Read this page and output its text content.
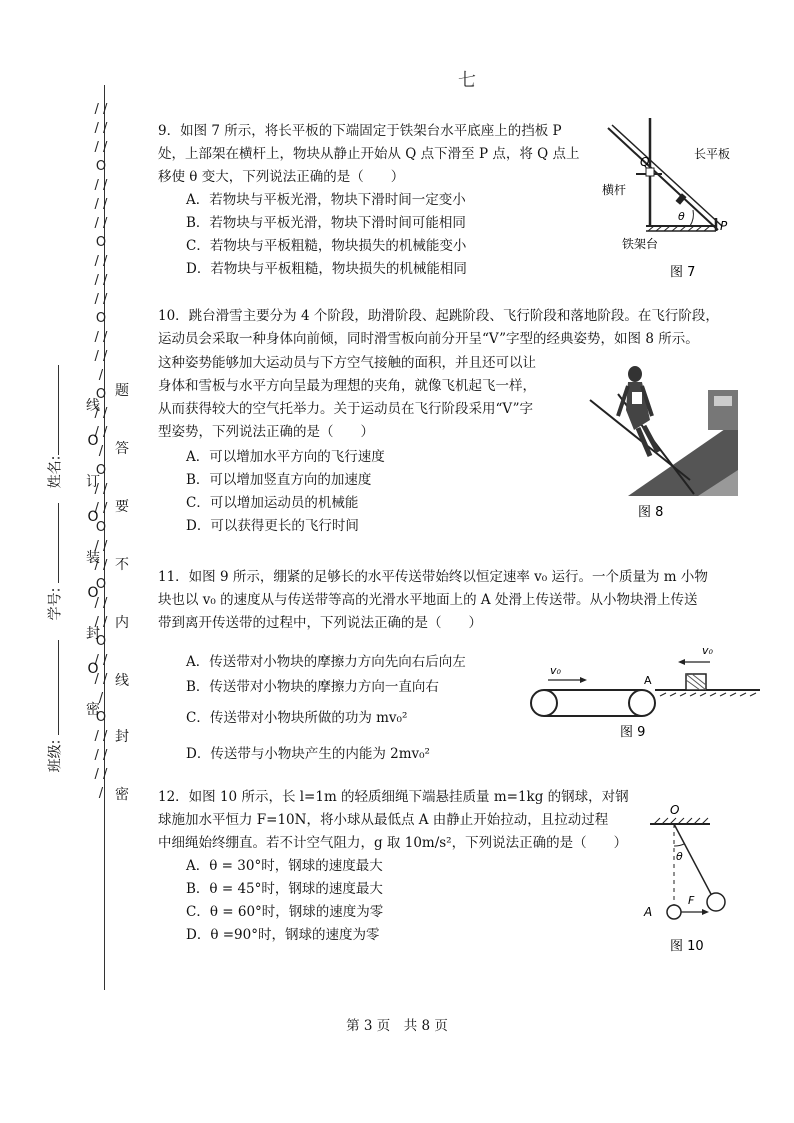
七
/ / / / / / O / / / / / / O / / / / / / O / / / / / O / / / / / O / / / / O / / / / O / / / / O / / / / / O / / / / / / /
题
答
要
不
内
线
封
密
线
O
订
O
装
O
封
O
密
姓名:
学号:
班级:
9．如图 7 所示，将长平板的下端固定于铁架台水平底座上的挡板 P
处，上部架在横杆上，物块从静止开始从 Q 点下滑至 P 点，将 Q 点上
移使 θ 变大，下列说法正确的是（　　）
A．若物块与平板光滑，物块下滑时间一定变小
B．若物块与平板光滑，物块下滑时间可能相同
C．若物块与平板粗糙，物块损失的机械能变小
D．若物块与平板粗糙，物块损失的机械能相同
Q
长平板
横杆
θ
铁架台
P
图 7
10．跳台滑雪主要分为 4 个阶段，助滑阶段、起跳阶段、飞行阶段和落地阶段。在飞行阶段，
运动员会采取一种身体向前倾，同时滑雪板向前分开呈“V”字型的经典姿势，如图 8 所示。
这种姿势能够加大运动员与下方空气接触的面积，并且还可以让
身体和雪板与水平方向呈最为理想的夹角，就像飞机起飞一样，
从而获得较大的空气托举力。关于运动员在飞行阶段采用“V”字
型姿势，下列说法正确的是（　　）
A．可以增加水平方向的飞行速度
B．可以增加竖直方向的加速度
C．可以增加运动员的机械能
D．可以获得更长的飞行时间
图 8
11．如图 9 所示，绷紧的足够长的水平传送带始终以恒定速率 v₀ 运行。一个质量为 m 小物
块也以 v₀ 的速度从与传送带等高的光滑水平地面上的 A 处滑上传送带。从小物块滑上传送
带到离开传送带的过程中，下列说法正确的是（　　）
A．传送带对小物块的摩擦力方向先向右后向左
B．传送带对小物块的摩擦力方向一直向右
C．传送带对小物块所做的功为 mv₀²
D．传送带与小物块产生的内能为 2mv₀²
v₀
v₀
A
图 9
12．如图 10 所示，长 l=1m 的轻质细绳下端悬挂质量 m=1kg 的钢球，对钢
球施加水平恒力 F=10N，将小球从最低点 A 由静止开始拉动，且拉动过程
中细绳始终绷直。若不计空气阻力，g 取 10m/s²，下列说法正确的是（　　）
A．θ = 30°时，钢球的速度最大
B．θ = 45°时，钢球的速度最大
C．θ = 60°时，钢球的速度为零
D．θ =90°时，钢球的速度为零
O
θ
F
A
图 10
第 3 页　共 8 页
